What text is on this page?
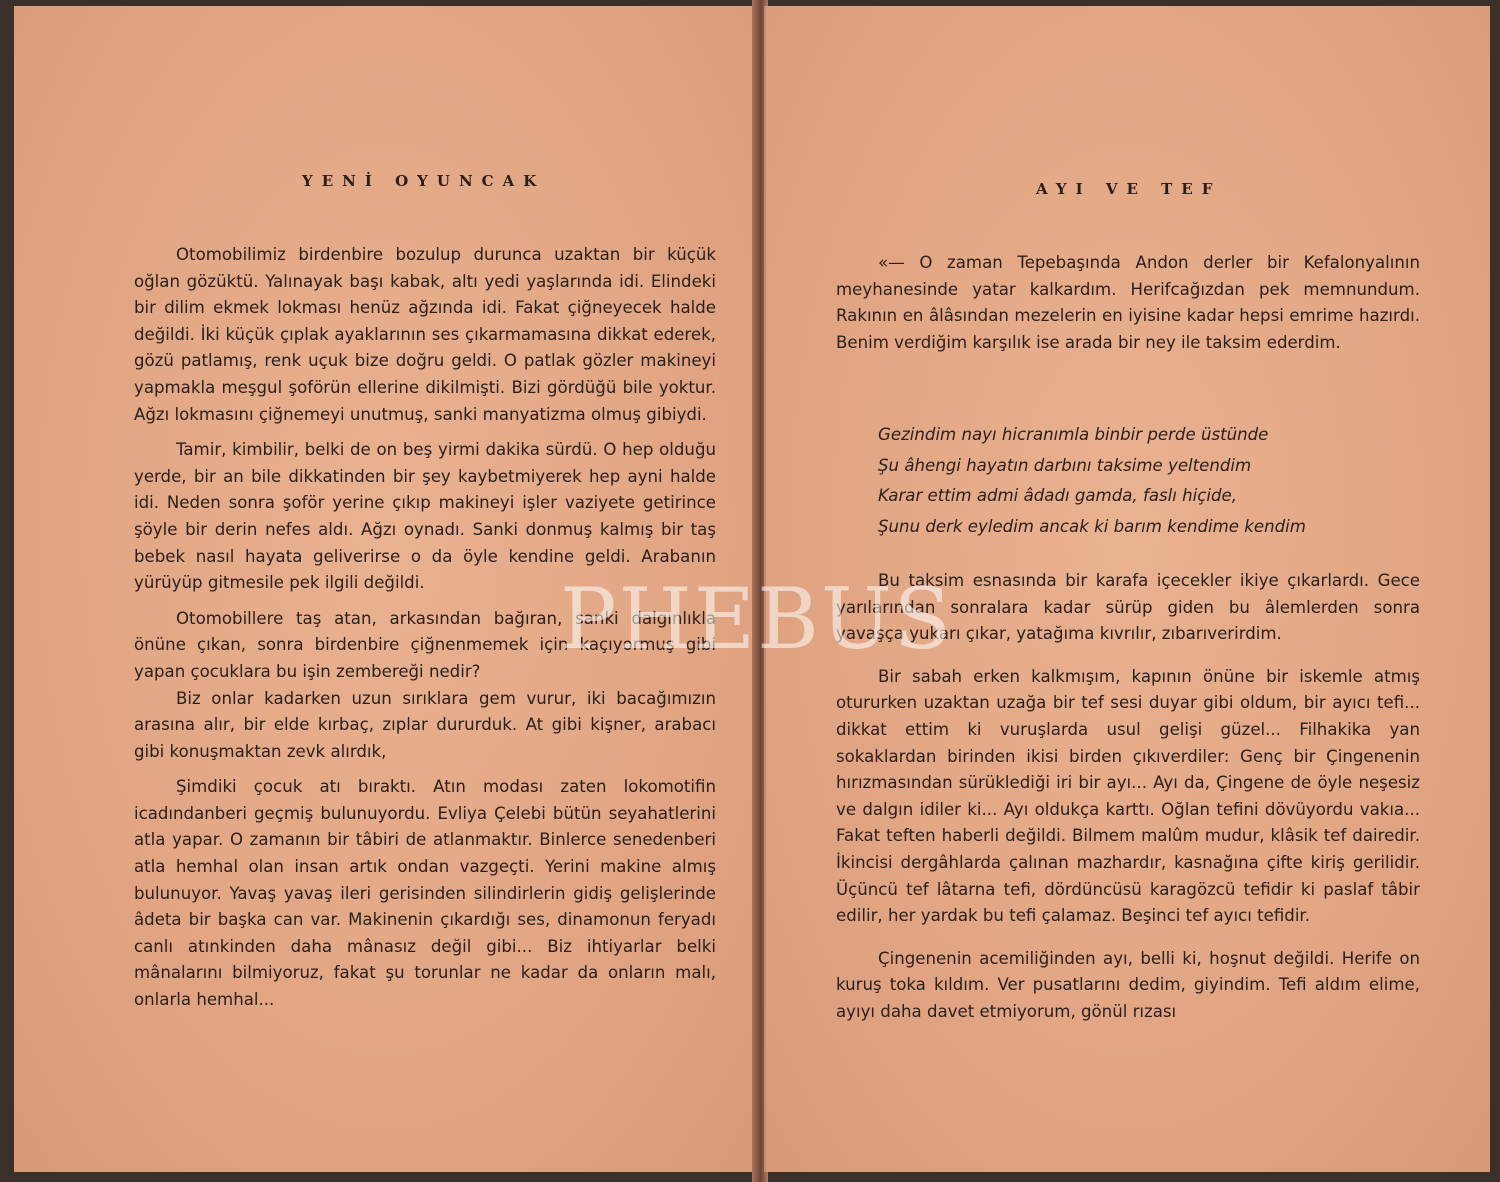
YENİ OYUNCAK

Otomobilimiz birdenbire bozulup durunca uzaktan bir küçük oğlan gözüktü. Yalınayak başı kabak, altı yedi yaşlarında idi. Elindeki bir dilim ekmek lokması henüz ağzında idi. Fakat çiğneyecek halde değildi. İki küçük çıplak ayaklarının ses çıkarmamasına dikkat ederek, gözü patlamış, renk uçuk bize doğru geldi. O patlak gözler makineyi yapmakla meşgul şoförün ellerine dikilmişti. Bizi gördüğü bile yoktur. Ağzı lokmasını çiğnemeyi unutmuş, sanki manyatizma olmuş gibiydi.

Tamir, kimbilir, belki de on beş yirmi dakika sürdü. O hep olduğu yerde, bir an bile dikkatinden bir şey kaybetmiyerek hep ayni halde idi. Neden sonra şoför yerine çıkıp makineyi işler vaziyete getirince şöyle bir derin nefes aldı. Ağzı oynadı. Sanki donmuş kalmış bir taş bebek nasıl hayata geliverirse o da öyle kendine geldi. Arabanın yürüyüp gitmesile pek ilgili değildi.

Otomobillere taş atan, arkasından bağıran, sanki dalgınlıkla önüne çıkan, sonra birdenbire çiğnenmemek için kaçıyormuş gibi yapan çocuklara bu işin zembereği nedir?

Biz onlar kadarken uzun sırıklara gem vurur, iki bacağımızın arasına alır, bir elde kırbaç, zıplar dururduk. At gibi kişner, arabacı gibi konuşmaktan zevk alırdık,

Şimdiki çocuk atı bıraktı. Atın modası zaten lokomotifin icadındanberi geçmiş bulunuyordu. Evliya Çelebi bütün seyahatlerini atla yapar. O zamanın bir tâbiri de atlanmaktır. Binlerce senedenberi atla hemhal olan insan artık ondan vazgeçti. Yerini makine almış bulunuyor. Yavaş yavaş ileri gerisinden silindirlerin gidiş gelişlerinde âdeta bir başka can var. Makinenin çıkardığı ses, dinamonun feryadı canlı atınkinden daha mânasız değil gibi... Biz ihtiyarlar belki mânalarını bilmiyoruz, fakat şu torunlar ne kadar da onların malı, onlarla hemhal...

AYI VE TEF

«— O zaman Tepebaşında Andon derler bir Kefalonyalının meyhanesinde yatar kalkardım. Herifcağızdan pek memnundum. Rakının en âlâsından mezelerin en iyisine kadar hepsi emrime hazırdı. Benim verdiğim karşılık ise arada bir ney ile taksim ederdim.

Gezindim nayı hicranımla binbir perde üstünde
Şu âhengi hayatın darbını taksime yeltendim
Karar ettim admi âdadı gamda, faslı hiçide,
Şunu derk eyledim ancak ki barım kendime kendim

Bu taksim esnasında bir karafa içecekler ikiye çıkarlardı. Gece yarılarından sonralara kadar sürüp giden bu âlemlerden sonra yavaşça yukarı çıkar, yatağıma kıvrılır, zıbarıverirdim.

Bir sabah erken kalkmışım, kapının önüne bir iskemle atmış otururken uzaktan uzağa bir tef sesi duyar gibi oldum, bir ayıcı tefi... dikkat ettim ki vuruşlarda usul gelişi güzel... Filhakika yan sokaklardan birinden ikisi birden çıkıverdiler: Genç bir Çingenenin hırızmasından sürüklediği iri bir ayı... Ayı da, Çingene de öyle neşesiz ve dalgın idiler ki... Ayı oldukça karttı. Oğlan tefini dövüyordu vakıa... Fakat teften haberli değildi. Bilmem malûm mudur, klâsik tef dairedir. İkincisi dergâhlarda çalınan mazhardır, kasnağına çifte kiriş gerilidir. Üçüncü tef lâtarna tefi, dördüncüsü karagözcü tefidir ki paslaf tâbir edilir, her yardak bu tefi çalamaz. Beşinci tef ayıcı tefidir.

Çingenenin acemiliğinden ayı, belli ki, hoşnut değildi. Herife on kuruş toka kıldım. Ver pusatlarını dedim, giyindim. Tefi aldım elime, ayıyı daha davet etmiyorum, gönül rızası

PHEBUS
